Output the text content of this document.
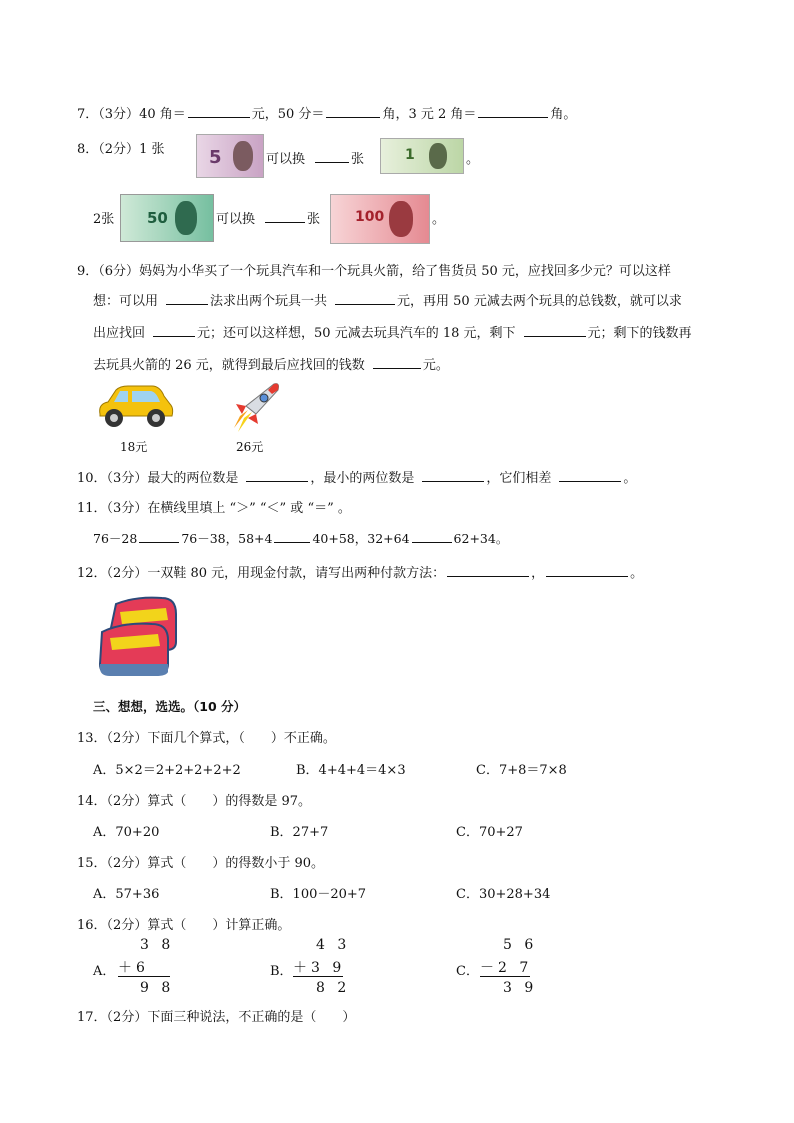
7．（3分）40 角＝	元，50 分＝	角，3 元 2 角＝	角。
8．（2分）1 张 5	可以换	张	1	。
2张 50	可以换	张 100	。
9．（6分）妈妈为小华买了一个玩具汽车和一个玩具火箭，给了售货员 50 元，应找回多少元？可以这样
想：可以用	法求出两个玩具一共	元，再用 50 元减去两个玩具的总钱数，就可以求
出应找回	元；还可以这样想，50 元减去玩具汽车的 18 元，剩下	元；剩下的钱数再
去玩具火箭的 26 元，就得到最后应找回的钱数	元。
18元	26元
10．（3分）最大的两位数是	，最小的两位数是	，它们相差	。
11．（3分）在横线里填上 “＞” “＜” 或 “＝” 。
76－28	76－38，58+4	40+58，32+64	62+34。
12．（2分）一双鞋 80 元，用现金付款，请写出两种付款方法：	，	。
三、想想，选选。（10 分）
13．（2分）下面几个算式，（　　）不正确。
A．5×2＝2+2+2+2+2	B．4+4+4＝4×3	C．7+8＝7×8
14．（2分）算式（　　）的得数是 97。
A．70+20	B．27+7	C．70+27
15．（2分）算式（　　）的得数小于 90。
A．57+36	B．100－20+7	C．30+28+34
16．（2分）算式（　　）计算正确。
A．
3 8
＋6
9 8
B．
4 3
＋3 9
8 2
C．
5 6
－2 7
3 9
17．（2分）下面三种说法，不正确的是（　　）
